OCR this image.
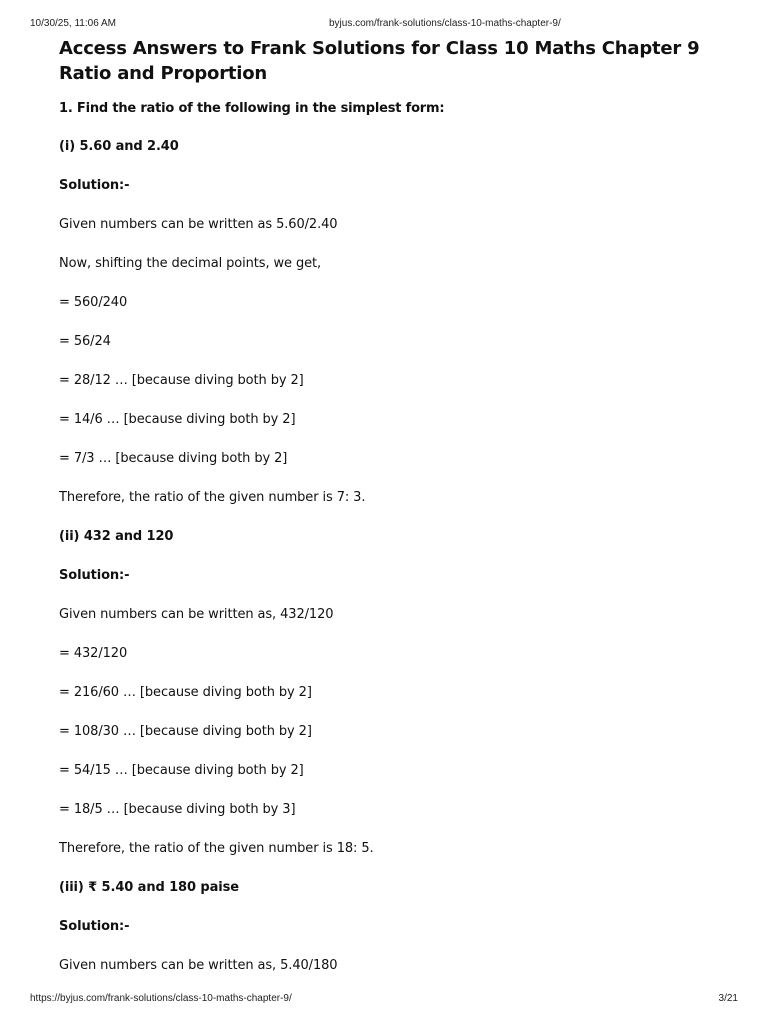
10/30/25, 11:06 AM	byjus.com/frank-solutions/class-10-maths-chapter-9/
Access Answers to Frank Solutions for Class 10 Maths Chapter 9 Ratio and Proportion
1. Find the ratio of the following in the simplest form:
(i) 5.60 and 2.40
Solution:-
Given numbers can be written as 5.60/2.40
Now, shifting the decimal points, we get,
= 560/240
= 56/24
= 28/12 … [because diving both by 2]
= 14/6 … [because diving both by 2]
= 7/3 … [because diving both by 2]
Therefore, the ratio of the given number is 7: 3.
(ii) 432 and 120
Solution:-
Given numbers can be written as, 432/120
= 432/120
= 216/60 … [because diving both by 2]
= 108/30 … [because diving both by 2]
= 54/15 … [because diving both by 2]
= 18/5 … [because diving both by 3]
Therefore, the ratio of the given number is 18: 5.
(iii) ₹ 5.40 and 180 paise
Solution:-
Given numbers can be written as, 5.40/180
https://byjus.com/frank-solutions/class-10-maths-chapter-9/	3/21
